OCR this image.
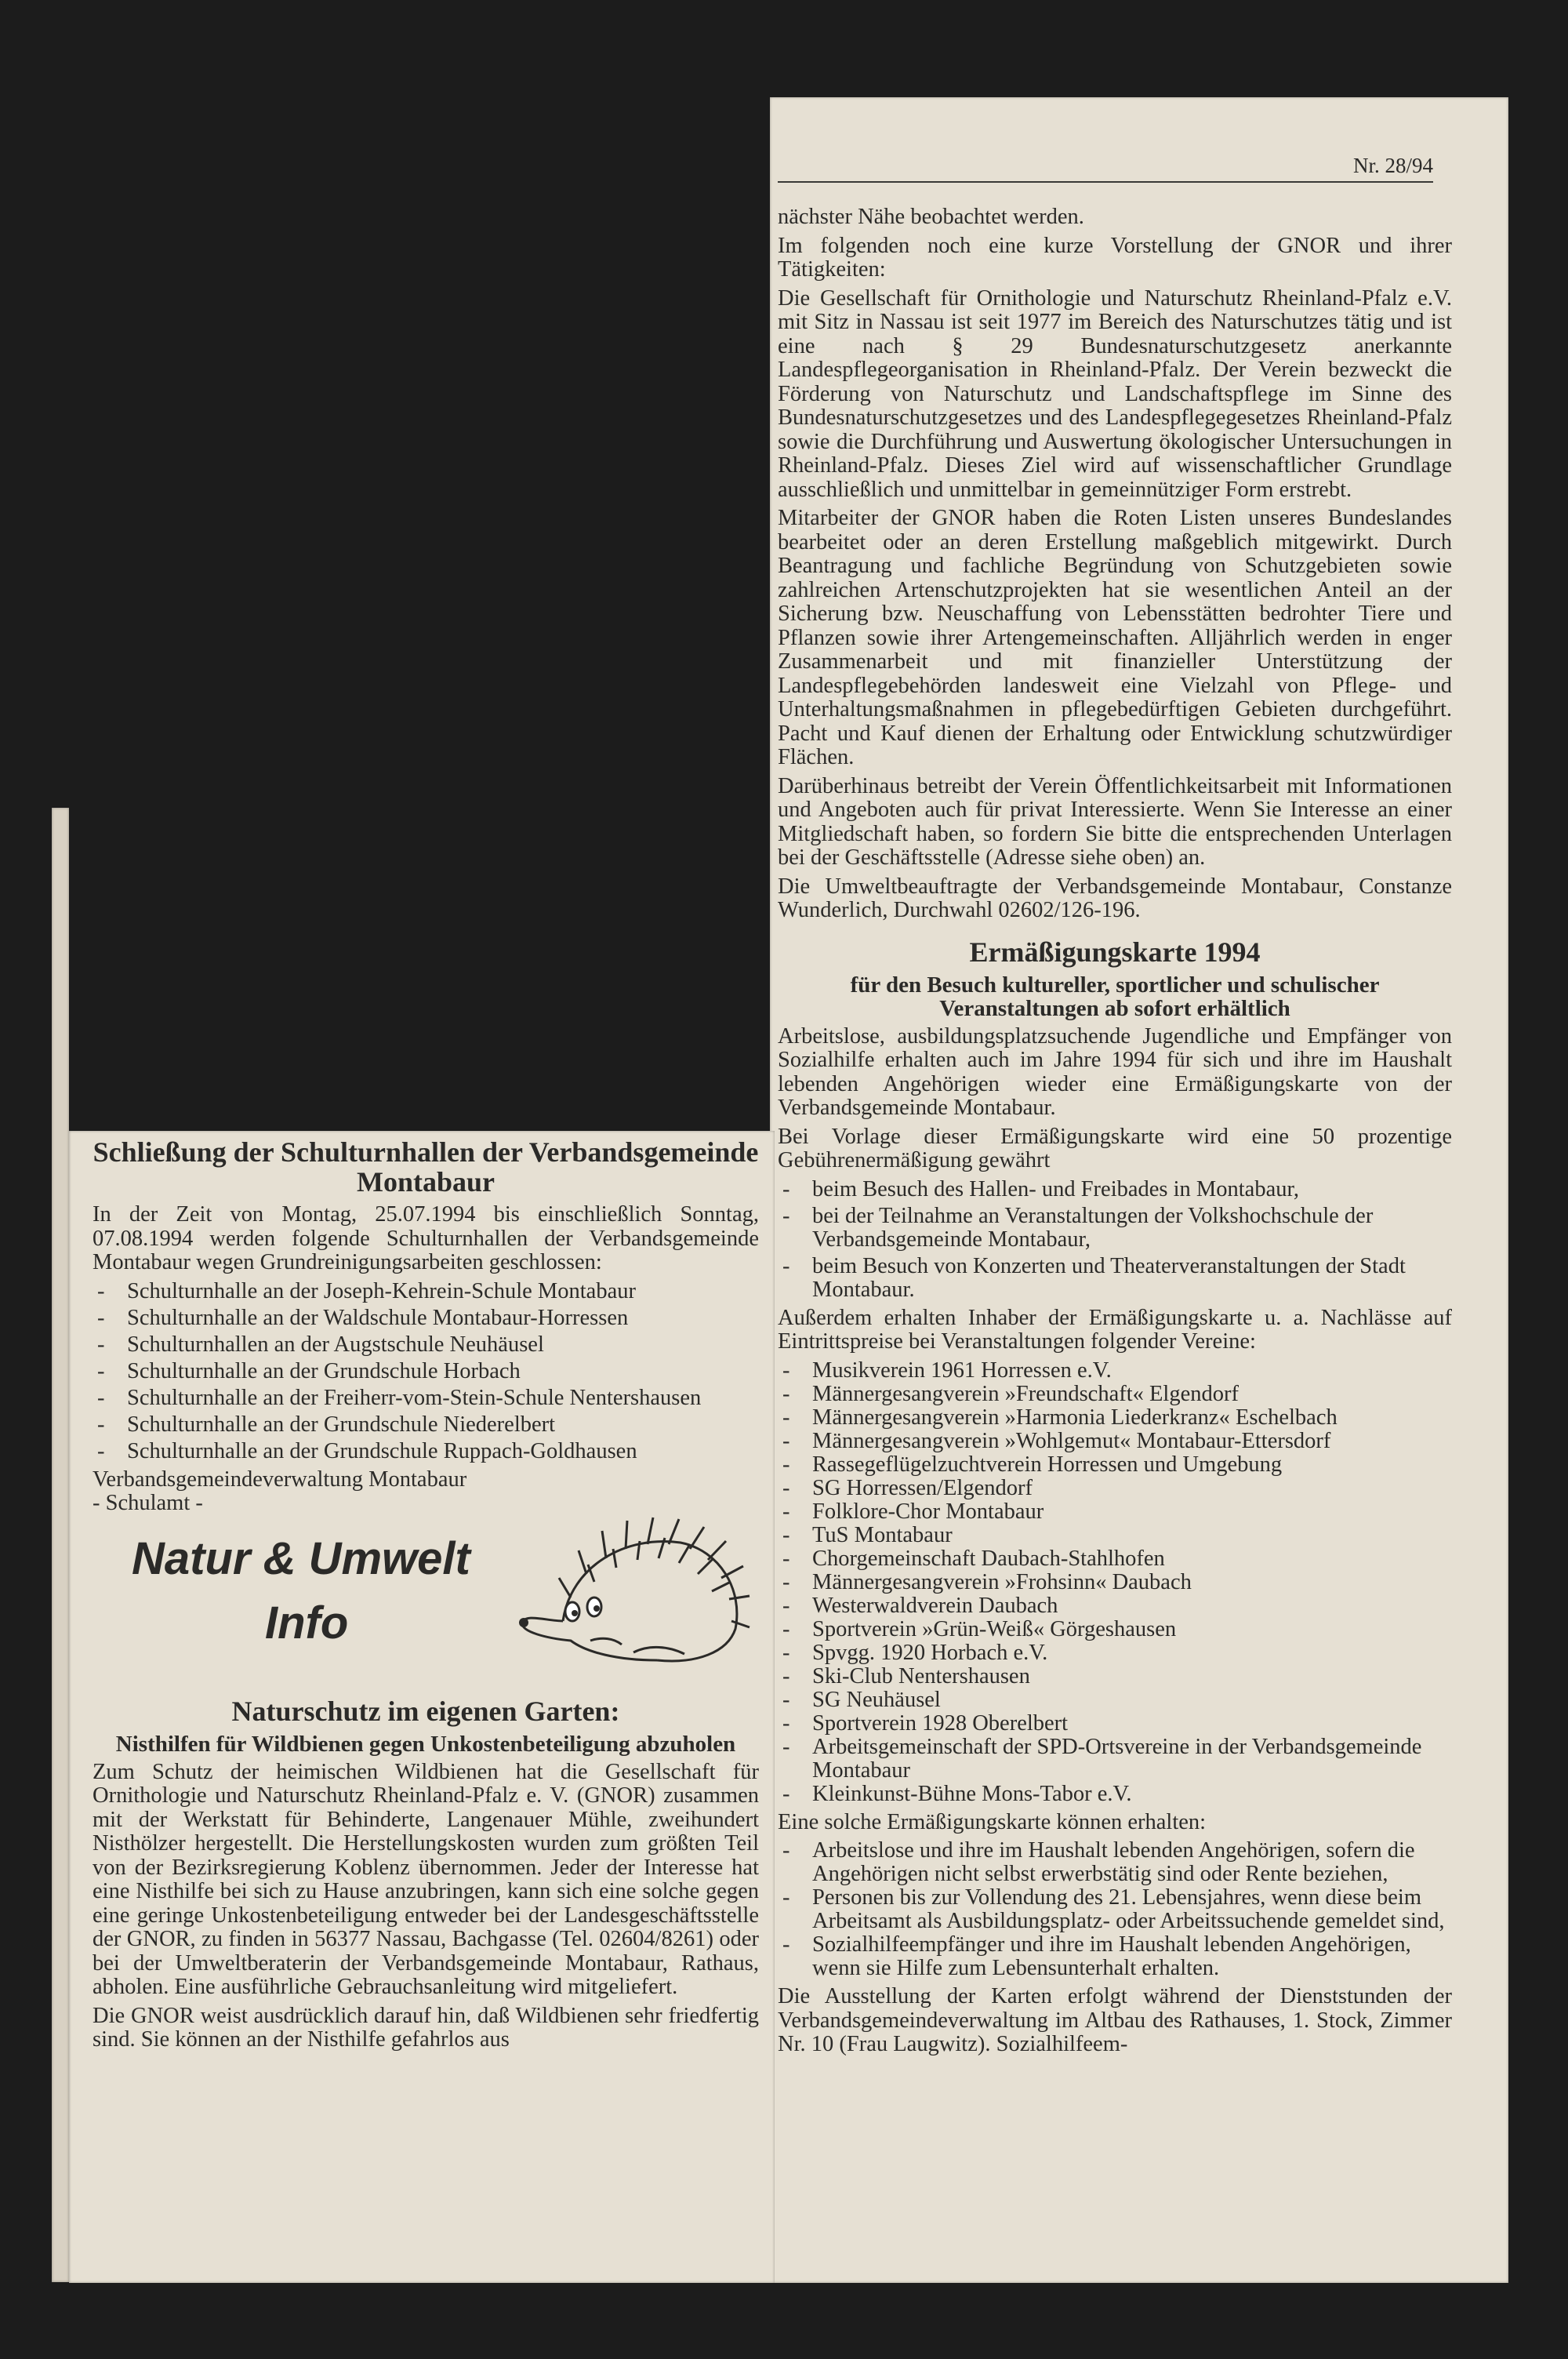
Nr. 28/94

nächster Nähe beobachtet werden.

Im folgenden noch eine kurze Vorstellung der GNOR und ihrer Tätigkeiten:

Die Gesellschaft für Ornithologie und Naturschutz Rheinland-Pfalz e.V. mit Sitz in Nassau ist seit 1977 im Bereich des Naturschutzes tätig und ist eine nach § 29 Bundesnaturschutzgesetz anerkannte Landespflegeorganisation in Rheinland-Pfalz. Der Verein bezweckt die Förderung von Naturschutz und Landschaftspflege im Sinne des Bundesnaturschutzgesetzes und des Landespflegegesetzes Rheinland-Pfalz sowie die Durchführung und Auswertung ökologischer Untersuchungen in Rheinland-Pfalz. Dieses Ziel wird auf wissenschaftlicher Grundlage ausschließlich und unmittelbar in gemeinnütziger Form erstrebt.

Mitarbeiter der GNOR haben die Roten Listen unseres Bundeslandes bearbeitet oder an deren Erstellung maßgeblich mitgewirkt. Durch Beantragung und fachliche Begründung von Schutzgebieten sowie zahlreichen Artenschutzprojekten hat sie wesentlichen Anteil an der Sicherung bzw. Neuschaffung von Lebensstätten bedrohter Tiere und Pflanzen sowie ihrer Artengemeinschaften. Alljährlich werden in enger Zusammenarbeit und mit finanzieller Unterstützung der Landespflegebehörden landesweit eine Vielzahl von Pflege- und Unterhaltungsmaßnahmen in pflegebedürftigen Gebieten durchgeführt. Pacht und Kauf dienen der Erhaltung oder Entwicklung schutzwürdiger Flächen.

Darüberhinaus betreibt der Verein Öffentlichkeitsarbeit mit Informationen und Angeboten auch für privat Interessierte. Wenn Sie Interesse an einer Mitgliedschaft haben, so fordern Sie bitte die entsprechenden Unterlagen bei der Geschäftsstelle (Adresse siehe oben) an.

Die Umweltbeauftragte der Verbandsgemeinde Montabaur, Constanze Wunderlich, Durchwahl 02602/126-196.

Ermäßigungskarte 1994
für den Besuch kultureller, sportlicher und schulischer Veranstaltungen ab sofort erhältlich

Arbeitslose, ausbildungsplatzsuchende Jugendliche und Empfänger von Sozialhilfe erhalten auch im Jahre 1994 für sich und ihre im Haushalt lebenden Angehörigen wieder eine Ermäßigungskarte von der Verbandsgemeinde Montabaur.

Bei Vorlage dieser Ermäßigungskarte wird eine 50 prozentige Gebührenermäßigung gewährt

- beim Besuch des Hallen- und Freibades in Montabaur,
- bei der Teilnahme an Veranstaltungen der Volkshochschule der Verbandsgemeinde Montabaur,
- beim Besuch von Konzerten und Theaterveranstaltungen der Stadt Montabaur.

Außerdem erhalten Inhaber der Ermäßigungskarte u. a. Nachlässe auf Eintrittspreise bei Veranstaltungen folgender Vereine:

- Musikverein 1961 Horressen e.V.
- Männergesangverein »Freundschaft« Elgendorf
- Männergesangverein »Harmonia Liederkranz« Eschelbach
- Männergesangverein »Wohlgemut« Montabaur-Ettersdorf
- Rassegeflügelzuchtverein Horressen und Umgebung
- SG Horressen/Elgendorf
- Folklore-Chor Montabaur
- TuS Montabaur
- Chorgemeinschaft Daubach-Stahlhofen
- Männergesangverein »Frohsinn« Daubach
- Westerwaldverein Daubach
- Sportverein »Grün-Weiß« Görgeshausen
- Spvgg. 1920 Horbach e.V.
- Ski-Club Nentershausen
- SG Neuhäusel
- Sportverein 1928 Oberelbert
- Arbeitsgemeinschaft der SPD-Ortsvereine in der Verbandsgemeinde Montabaur
- Kleinkunst-Bühne Mons-Tabor e.V.

Eine solche Ermäßigungskarte können erhalten:

- Arbeitslose und ihre im Haushalt lebenden Angehörigen, sofern die Angehörigen nicht selbst erwerbstätig sind oder Rente beziehen,
- Personen bis zur Vollendung des 21. Lebensjahres, wenn diese beim Arbeitsamt als Ausbildungsplatz- oder Arbeitssuchende gemeldet sind,
- Sozialhilfeempfänger und ihre im Haushalt lebenden Angehörigen, wenn sie Hilfe zum Lebensunterhalt erhalten.

Die Ausstellung der Karten erfolgt während der Dienststunden der Verbandsgemeindeverwaltung im Altbau des Rathauses, 1. Stock, Zimmer Nr. 10 (Frau Laugwitz). Sozialhilfeem-

Schließung der Schulturnhallen der Verbandsgemeinde Montabaur

In der Zeit von Montag, 25.07.1994 bis einschließlich Sonntag, 07.08.1994 werden folgende Schulturnhallen der Verbandsgemeinde Montabaur wegen Grundreinigungsarbeiten geschlossen:

- Schulturnhalle an der Joseph-Kehrein-Schule Montabaur
- Schulturnhalle an der Waldschule Montabaur-Horressen
- Schulturnhallen an der Augstschule Neuhäusel
- Schulturnhalle an der Grundschule Horbach
- Schulturnhalle an der Freiherr-vom-Stein-Schule Nentershausen
- Schulturnhalle an der Grundschule Niederelbert
- Schulturnhalle an der Grundschule Ruppach-Goldhausen

Verbandsgemeindeverwaltung Montabaur

- Schulamt -

Natur & Umwelt
Info
Naturschutz im eigenen Garten:
Nisthilfen für Wildbienen gegen Unkostenbeteiligung abzuholen

Zum Schutz der heimischen Wildbienen hat die Gesellschaft für Ornithologie und Naturschutz Rheinland-Pfalz e. V. (GNOR) zusammen mit der Werkstatt für Behinderte, Langenauer Mühle, zweihundert Nisthölzer hergestellt. Die Herstellungskosten wurden zum größten Teil von der Bezirksregierung Koblenz übernommen. Jeder der Interesse hat eine Nisthilfe bei sich zu Hause anzubringen, kann sich eine solche gegen eine geringe Unkostenbeteiligung entweder bei der Landesgeschäftsstelle der GNOR, zu finden in 56377 Nassau, Bachgasse (Tel. 02604/8261) oder bei der Umweltberaterin der Verbandsgemeinde Montabaur, Rathaus, abholen. Eine ausführliche Gebrauchsanleitung wird mitgeliefert.

Die GNOR weist ausdrücklich darauf hin, daß Wildbienen sehr friedfertig sind. Sie können an der Nisthilfe gefahrlos aus
